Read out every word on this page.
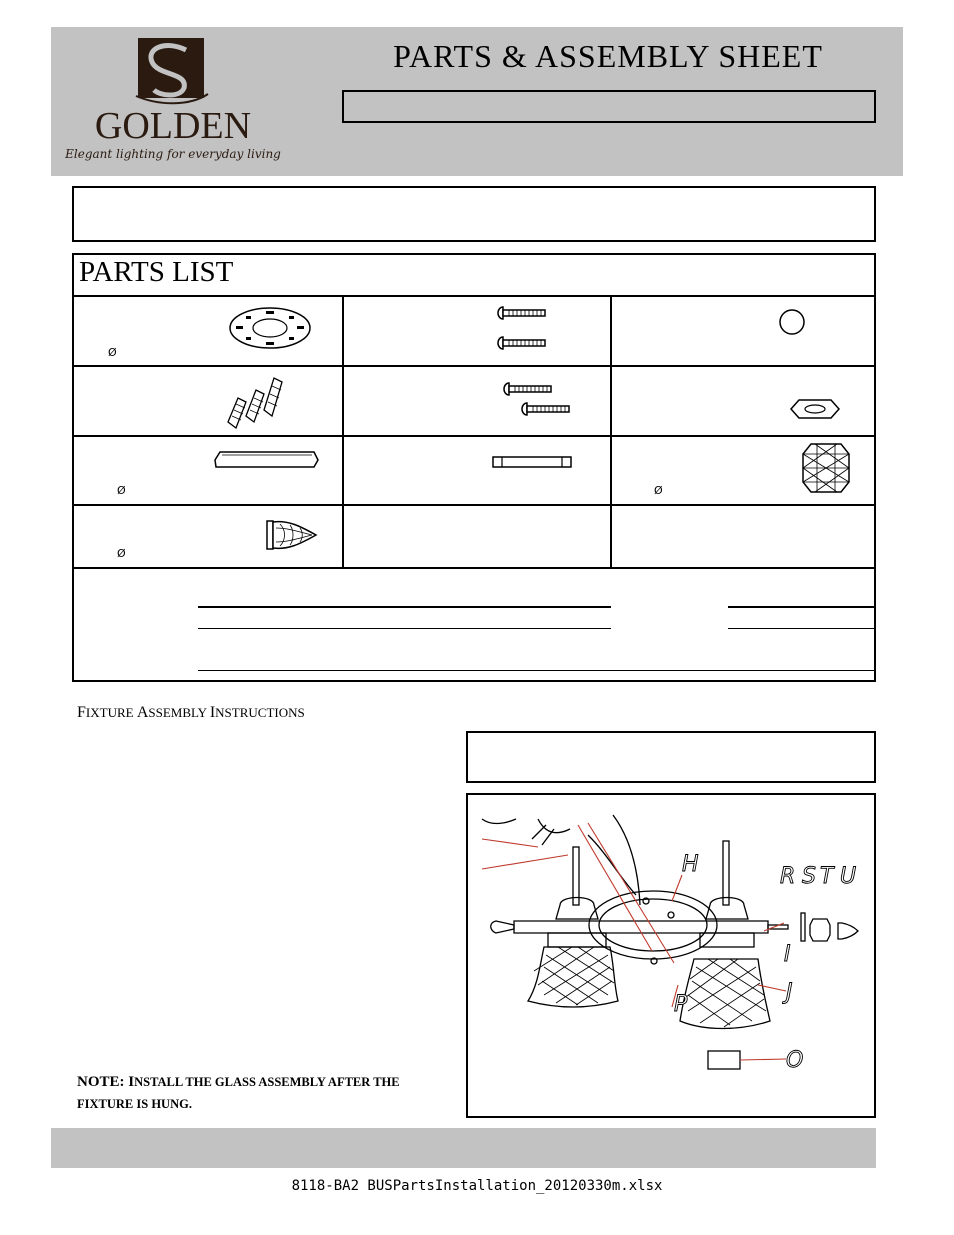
GOLDEN
Elegant lighting for everyday living
PARTS & ASSEMBLY SHEET
PARTS LIST
Ø
Ø	Ø
Ø
FIXTURE ASSEMBLY INSTRUCTIONS
H	R S T U
I
J
P
O
NOTE: INSTALL THE GLASS ASSEMBLY AFTER THE FIXTURE IS HUNG.
8118-BA2 BUSPartsInstallation_20120330m.xlsx
